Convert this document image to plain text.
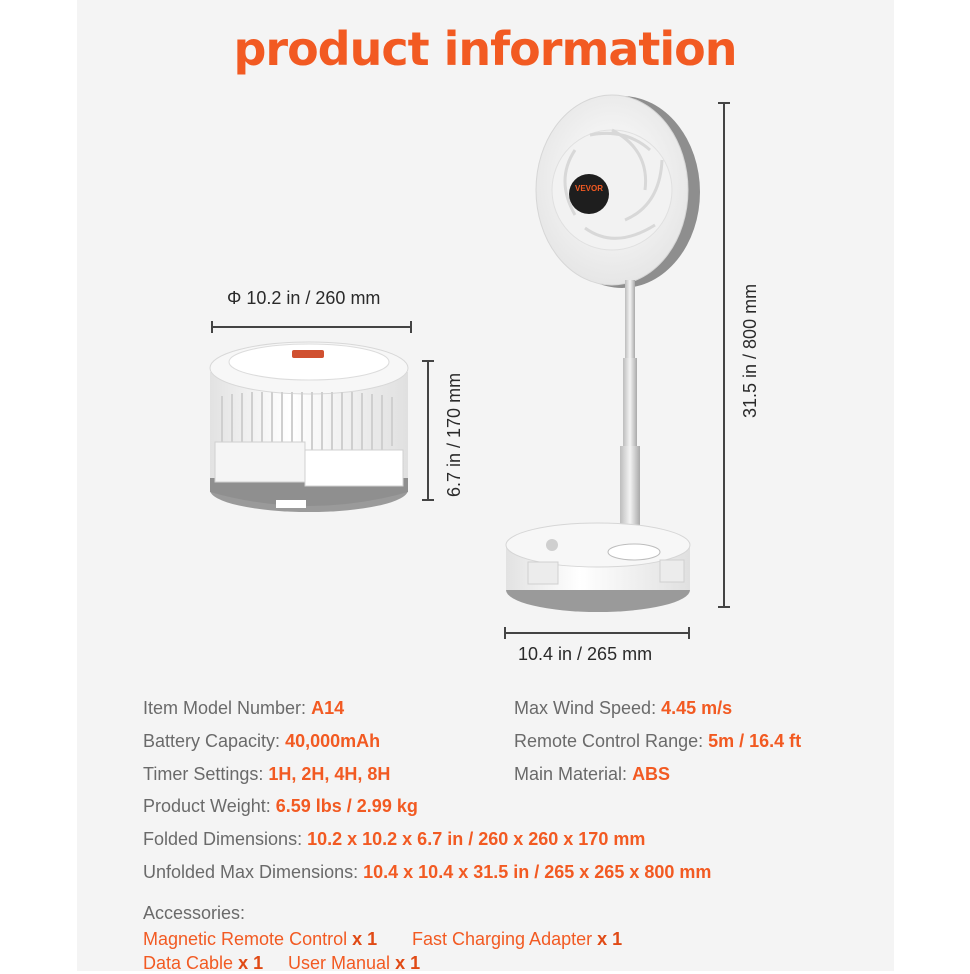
product information
VEVOR
Φ 10.2 in / 260 mm
6.7 in / 170 mm
31.5 in / 800 mm
10.4 in / 265 mm
Item Model Number: A14	Max Wind Speed: 4.45 m/s
Battery Capacity: 40,000mAh	Remote Control Range: 5m / 16.4 ft
Timer Settings: 1H, 2H, 4H, 8H	Main Material: ABS
Product Weight: 6.59 lbs / 2.99 kg
Folded Dimensions: 10.2 x 10.2 x 6.7 in / 260 x 260 x 170 mm
Unfolded Max Dimensions: 10.4 x 10.4 x 31.5 in / 265 x 265 x 800 mm
Accessories:
Magnetic Remote Control x 1 Fast Charging Adapter x 1
Data Cable x 1 User Manual x 1
